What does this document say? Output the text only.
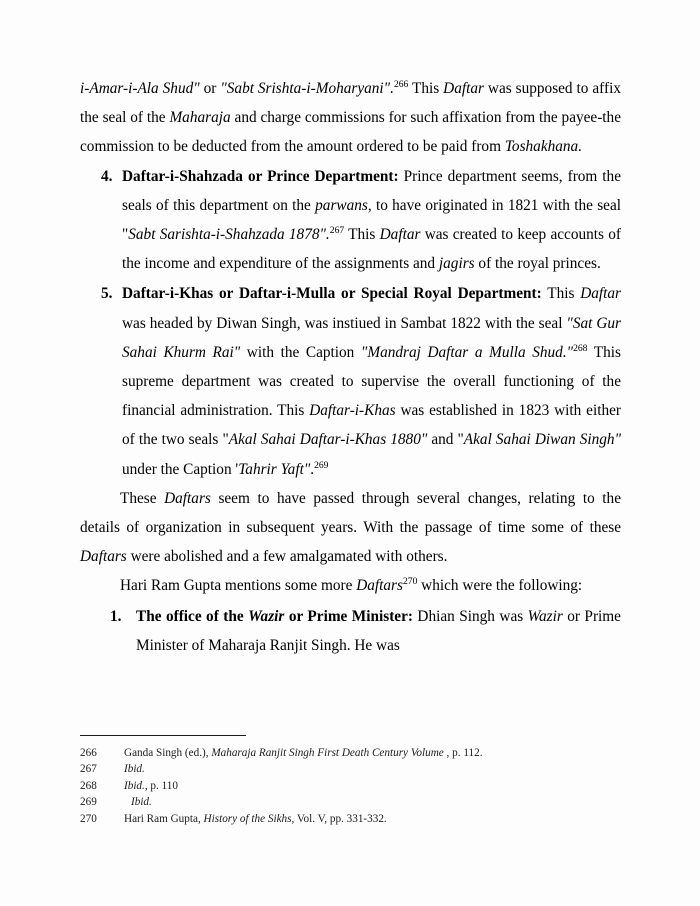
i-Amar-i-Ala Shud" or "Sabt Srishta-i-Moharyani".$^{266}$ This Daftar was supposed to affix the seal of the Maharaja and charge commissions for such affixation from the payee-the commission to be deducted from the amount ordered to be paid from Toshakhana.

4. Daftar-i-Shahzada or Prince Department: Prince department seems, from the seals of this department on the parwans, to have originated in 1821 with the seal "Sabt Sarishta-i-Shahzada 1878".$^{267}$ This Daftar was created to keep accounts of the income and expenditure of the assignments and jagirs of the royal princes.
5. Daftar-i-Khas or Daftar-i-Mulla or Special Royal Department: This Daftar was headed by Diwan Singh, was instiued in Sambat 1822 with the seal "Sat Gur Sahai Khurm Rai" with the Caption "Mandraj Daftar a Mulla Shud."$^{268}$ This supreme department was created to supervise the overall functioning of the financial administration. This Daftar-i-Khas was established in 1823 with either of the two seals "Akal Sahai Daftar-i-Khas 1880" and "Akal Sahai Diwan Singh" under the Caption 'Tahrir Yaft".$^{269}$

These Daftars seem to have passed through several changes, relating to the details of organization in subsequent years. With the passage of time some of these Daftars were abolished and a few amalgamated with others.

Hari Ram Gupta mentions some more Daftars$^{270}$ which were the following:

1. The office of the Wazir or Prime Minister: Dhian Singh was Wazir or Prime Minister of Maharaja Ranjit Singh. He was
266	Ganda Singh (ed.), Maharaja Ranjit Singh First Death Century Volume , p. 112.
267	Ibid.
268	Ibid., p. 110
269	Ibid.
270	Hari Ram Gupta, History of the Sikhs, Vol. V, pp. 331-332.
